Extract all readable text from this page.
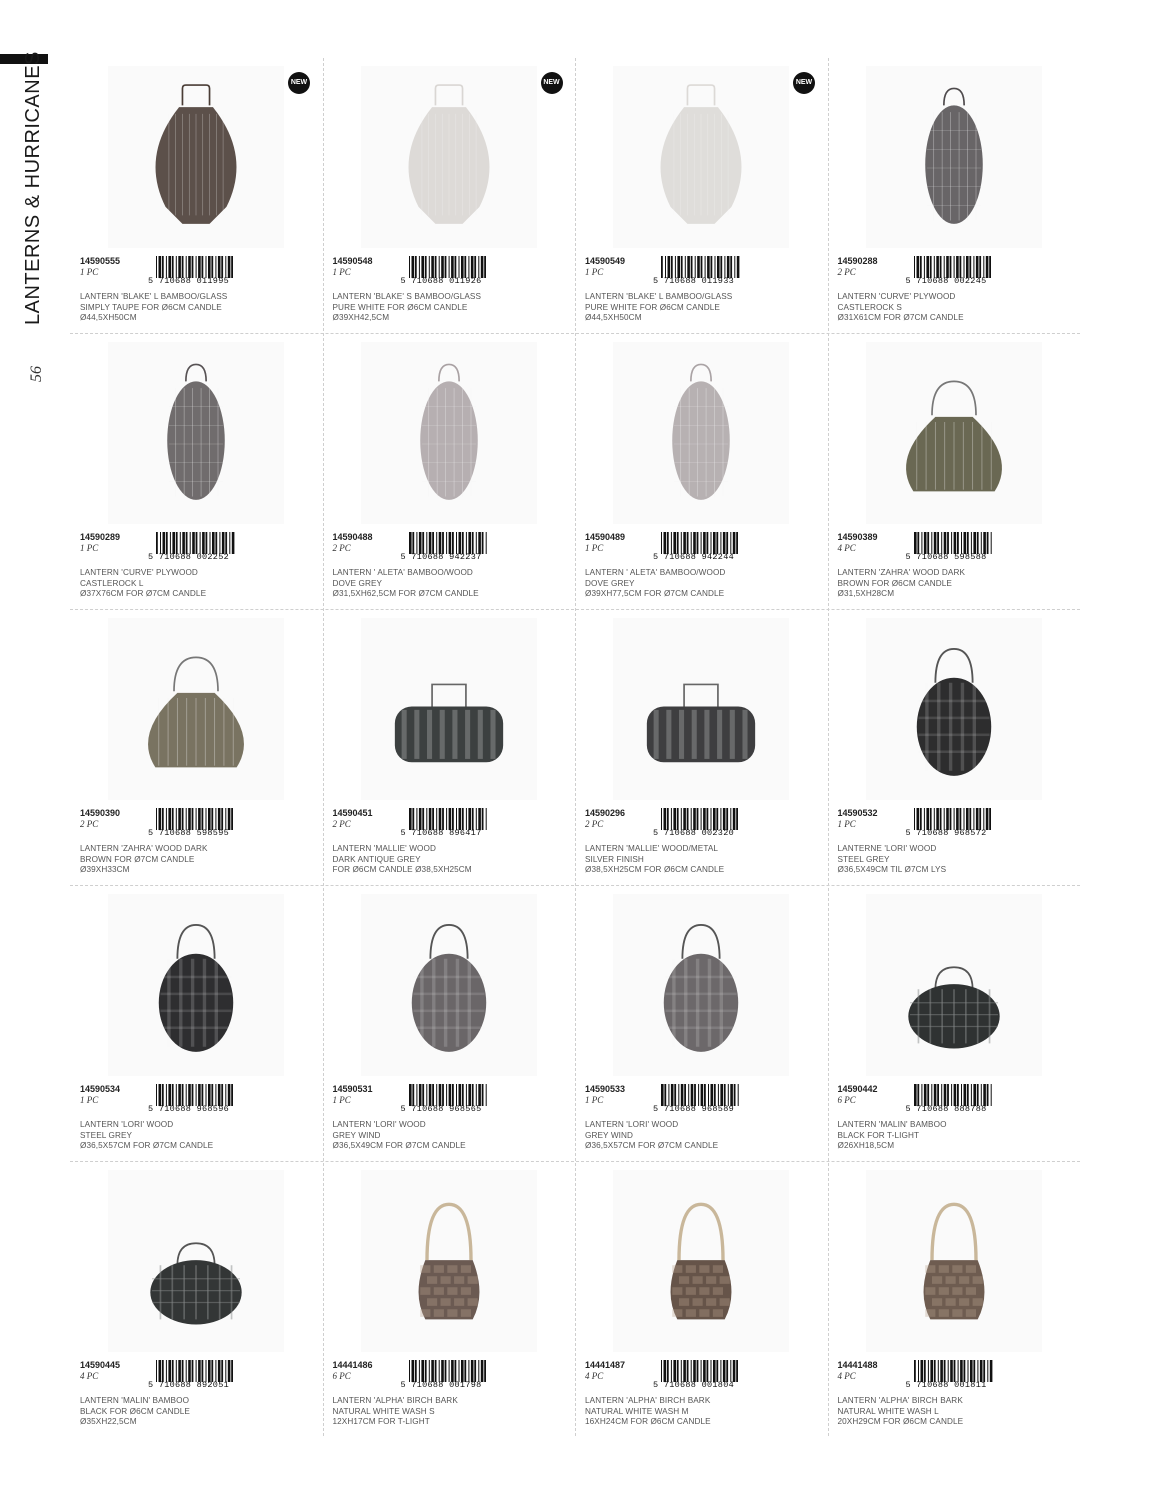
LANTERNS & HURRICANES
56
NEW
14590555
1 PC
5 710688 011995
LANTERN 'BLAKE' L BAMBOO/GLASS
SIMPLY TAUPE FOR Ø6CM CANDLE
Ø44,5XH50CM
NEW
14590548
1 PC
5 710688 011926
LANTERN 'BLAKE' S BAMBOO/GLASS
PURE WHITE FOR Ø6CM CANDLE
Ø39XH42,5CM
NEW
14590549
1 PC
5 710688 011933
LANTERN 'BLAKE' L BAMBOO/GLASS
PURE WHITE FOR Ø6CM CANDLE
Ø44,5XH50CM
14590288
2 PC
5 710688 002245
LANTERN 'CURVE' PLYWOOD
CASTLEROCK S
Ø31X61CM FOR Ø7CM CANDLE
14590289
1 PC
5 710688 002252
LANTERN 'CURVE' PLYWOOD
CASTLEROCK L
Ø37X76CM FOR Ø7CM CANDLE
14590488
2 PC
5 710688 942237
LANTERN ' ALETA' BAMBOO/WOOD
DOVE GREY
Ø31,5XH62,5CM FOR Ø7CM CANDLE
14590489
1 PC
5 710688 942244
LANTERN ' ALETA' BAMBOO/WOOD
DOVE GREY
Ø39XH77,5CM FOR Ø7CM CANDLE
14590389
4 PC
5 710688 598588
LANTERN 'ZAHRA' WOOD DARK
BROWN FOR Ø6CM CANDLE
Ø31,5XH28CM
14590390
2 PC
5 710688 598595
LANTERN 'ZAHRA' WOOD DARK
BROWN FOR Ø7CM CANDLE
Ø39XH33CM
14590451
2 PC
5 710688 896417
LANTERN 'MALLIE' WOOD
DARK ANTIQUE GREY
FOR Ø6CM CANDLE Ø38,5XH25CM
14590296
2 PC
5 710688 002320
LANTERN 'MALLIE' WOOD/METAL
SILVER FINISH
Ø38,5XH25CM FOR Ø6CM CANDLE
14590532
1 PC
5 710688 968572
LANTERNE 'LORI' WOOD
STEEL GREY
Ø36,5X49CM TIL Ø7CM LYS
14590534
1 PC
5 710688 968596
LANTERN 'LORI' WOOD
STEEL GREY
Ø36,5X57CM FOR Ø7CM CANDLE
14590531
1 PC
5 710688 968565
LANTERN 'LORI' WOOD
GREY WIND
Ø36,5X49CM FOR Ø7CM CANDLE
14590533
1 PC
5 710688 968589
LANTERN 'LORI' WOOD
GREY WIND
Ø36,5X57CM FOR Ø7CM CANDLE
14590442
6 PC
5 710688 888788
LANTERN 'MALIN' BAMBOO
BLACK FOR T-LIGHT
Ø26XH18,5CM
14590445
4 PC
5 710688 892051
LANTERN 'MALIN' BAMBOO
BLACK FOR Ø6CM CANDLE
Ø35XH22,5CM
14441486
6 PC
5 710688 001798
LANTERN 'ALPHA' BIRCH BARK
NATURAL WHITE WASH S
12XH17CM FOR T-LIGHT
14441487
4 PC
5 710688 001804
LANTERN 'ALPHA' BIRCH BARK
NATURAL WHITE WASH M
16XH24CM FOR Ø6CM CANDLE
14441488
4 PC
5 710688 001811
LANTERN 'ALPHA' BIRCH BARK
NATURAL WHITE WASH L
20XH29CM FOR Ø6CM CANDLE
